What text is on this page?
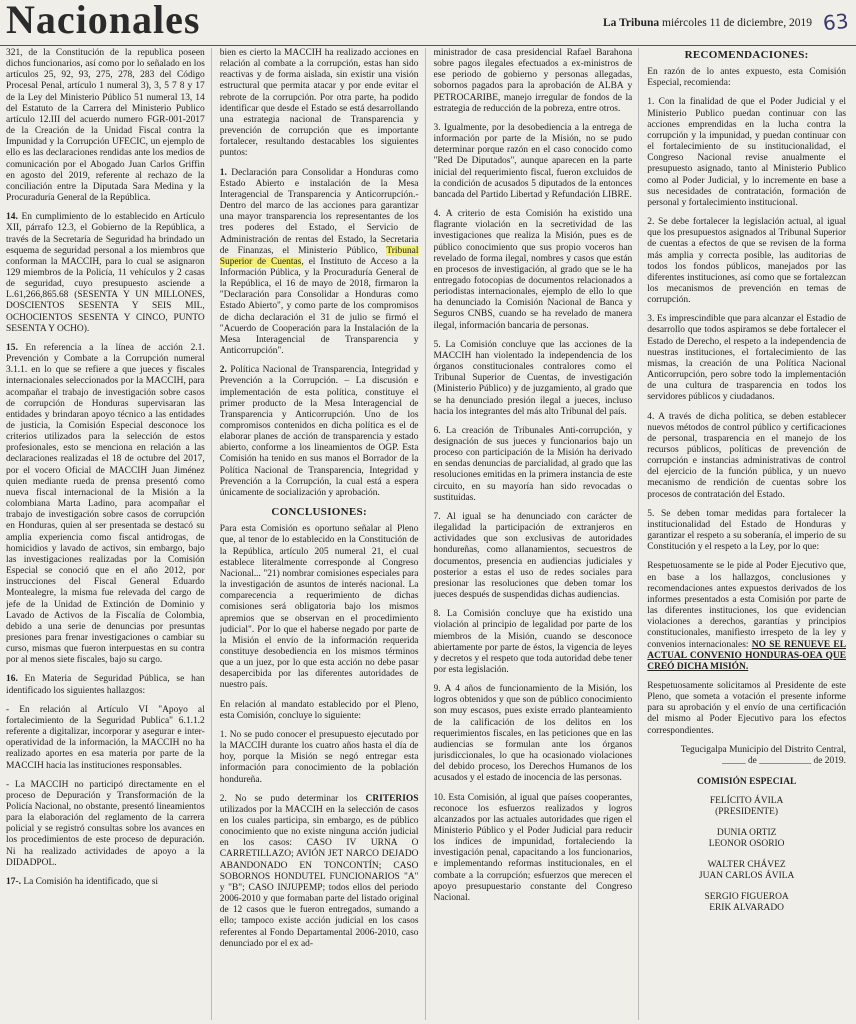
Nacionales	La Tribuna miércoles 11 de diciembre, 2019 63

321, de la Constitución de la republica poseen dichos funcionarios, así como por lo señalado en los artículos 25, 92, 93, 275, 278, 283 del Código Procesal Penal, artículo 1 numeral 3), 3, 5 7 8 y 17 de la Ley del Ministerio Público 51 numeral 13, 14 del Estatuto de la Carrera del Ministerio Publico artículo 12.III del acuerdo numero FGR-001-2017 de la Creación de la Unidad Fiscal contra la Impunidad y la Corrupción UFECIC, un ejemplo de ello es las declaraciones rendidas ante los medios de comunicación por el Abogado Juan Carlos Griffin en agosto del 2019, referente al rechazo de la conciliación entre la Diputada Sara Medina y la Procuraduría General de la República.

14. En cumplimiento de lo establecido en Artículo XII, párrafo 12.3, el Gobierno de la República, a través de la Secretaría de Seguridad ha brindado un esquema de seguridad personal a los miembros que conforman la MACCIH, para lo cual se asignaron 129 miembros de la Policía, 11 vehículos y 2 casas de seguridad, cuyo presupuesto asciende a L.61,266,865.68 (SESENTA Y UN MILLONES, DOSCIENTOS SESENTA Y SEIS MIL, OCHOCIENTOS SESENTA Y CINCO, PUNTO SESENTA Y OCHO).

15. En referencia a la línea de acción 2.1. Prevención y Combate a la Corrupción numeral 3.1.1. en lo que se refiere a que jueces y fiscales internacionales seleccionados por la MACCIH, para acompañar el trabajo de investigación sobre casos de corrupción de Honduras supervisaran las entidades y brindaran apoyo técnico a las entidades de justicia, la Comisión Especial desconoce los criterios utilizados para la selección de estos profesionales, esto se menciona en relación a las declaraciones realizadas el 18 de octubre del 2017, por el vocero Oficial de MACCIH Juan Jiménez quien mediante rueda de prensa presentó como nueva fiscal internacional de la Misión a la colombiana Marta Ladino, para acompañar el trabajo de investigación sobre casos de corrupción en Honduras, quien al ser presentada se destacó su amplia experiencia como fiscal antidrogas, de homicidios y lavado de activos, sin embargo, bajo las investigaciones realizadas por la Comisión Especial se conoció que en el año 2012, por instrucciones del Fiscal General Eduardo Montealegre, la misma fue relevada del cargo de jefe de la Unidad de Extinción de Dominio y Lavado de Activos de la Fiscalía de Colombia, debido a una serie de denuncias por presuntas presiones para frenar investigaciones o cambiar su curso, mismas que fueron interpuestas en su contra por al menos siete fiscales, bajo su cargo.

16. En Materia de Seguridad Pública, se han identificado los siguientes hallazgos:

- En relación al Artículo VI "Apoyo al fortalecimiento de la Seguridad Publica" 6.1.1.2 referente a digitalizar, incorporar y asegurar e inter-operatividad de la información, la MACCIH no ha realizado aportes en esa materia por parte de la MACCIH hacia las instituciones responsables.

- La MACCIH no participó directamente en el proceso de Depuración y Transformación de la Policía Nacional, no obstante, presentó lineamientos para la elaboración del reglamento de la carrera policial y se registró consultas sobre los avances en los procedimientos de este proceso de depuración. Ni ha realizado actividades de apoyo a la DIDADPOL.

17-. La Comisión ha identificado, que si

bien es cierto la MACCIH ha realizado acciones en relación al combate a la corrupción, estas han sido reactivas y de forma aislada, sin existir una visión estructural que permita atacar y por ende evitar el rebrote de la corrupción. Por otra parte, ha podido identificar que desde el Estado se está desarrollando una estrategia nacional de Transparencia y prevención de corrupción que es importante fortalecer, resultando destacables los siguientes puntos:

1. Declaración para Consolidar a Honduras como Estado Abierto e instalación de la Mesa Interagencial de Transparencia y Anticorrupción.- Dentro del marco de las acciones para garantizar una mayor transparencia los representantes de los tres poderes del Estado, el Servicio de Administración de rentas del Estado, la Secretaria de Finanzas, el Ministerio Público, Tribunal Superior de Cuentas, el Instituto de Acceso a la Información Pública, y la Procuraduría General de la República, el 16 de mayo de 2018, firmaron la "Declaración para Consolidar a Honduras como Estado Abierto", y como parte de los compromisos de dicha declaración el 31 de julio se firmó el "Acuerdo de Cooperación para la Instalación de la Mesa Interagencial de Transparencia y Anticorrupción".

2. Política Nacional de Transparencia, Integridad y Prevención a la Corrupción. – La discusión e implementación de esta política, constituye el primer producto de la Mesa Interagencial de Transparencia y Anticorrupción. Uno de los compromisos contenidos en dicha política es el de elaborar planes de acción de transparencia y estado abierto, conforme a los lineamientos de OGP. Esta Comisión ha tenido en sus manos el Borrador de la Política Nacional de Transparencia, Integridad y Prevención a la Corrupción, la cual está a espera únicamente de socialización y aprobación.

CONCLUSIONES:

Para esta Comisión es oportuno señalar al Pleno que, al tenor de lo establecido en la Constitución de la República, artículo 205 numeral 21, el cual establece literalmente corresponde al Congreso Nacional... "21) nombrar comisiones especiales para la investigación de asuntos de interés nacional. La comparecencia a requerimiento de dichas comisiones será obligatoria bajo los mismos apremios que se observan en el procedimiento judicial". Por lo que el haberse negado por parte de la Misión el envío de la información requerida constituye desobediencia en los mismos términos que a un juez, por lo que esta acción no debe pasar desapercibida por las diferentes autoridades de nuestro país.

En relación al mandato establecido por el Pleno, esta Comisión, concluye lo siguiente:

1. No se pudo conocer el presupuesto ejecutado por la MACCIH durante los cuatro años hasta el día de hoy, porque la Misión se negó entregar esta información para conocimiento de la población hondureña.

2. No se pudo determinar los CRITERIOS utilizados por la MACCIH en la selección de casos en los cuales participa, sin embargo, es de público conocimiento que no existe ninguna acción judicial en los casos: CASO IV URNA O CARRETILLAZO; AVIÓN JET NARCO DEJADO ABANDONADO EN TONCONTÍN; CASO SOBORNOS HONDUTEL FUNCIONARIOS "A" y "B"; CASO INJUPEMP; todos ellos del periodo 2006-2010 y que formaban parte del listado original de 12 casos que le fueron entregados, sumando a ello; tampoco existe acción judicial en los casos referentes al Fondo Departamental 2006-2010, caso denunciado por el ex ad-

ministrador de casa presidencial Rafael Barahona sobre pagos ilegales efectuados a ex-ministros de ese periodo de gobierno y personas allegadas, sobornos pagados para la aprobación de ALBA y PETROCARIBE, manejo irregular de fondos de la estrategia de reducción de la pobreza, entre otros.

3. Igualmente, por la desobediencia a la entrega de información por parte de la Misión, no se pudo determinar porque razón en el caso conocido como "Red De Diputados", aunque aparecen en la parte inicial del requerimiento fiscal, fueron excluidos de la condición de acusados 5 diputados de la entonces bancada del Partido Libertad y Refundación LIBRE.

4. A criterio de esta Comisión ha existido una flagrante violación en la secretividad de las investigaciones que realiza la Misión, pues es de público conocimiento que sus propio voceros han revelado de forma ilegal, nombres y casos que están en procesos de investigación, al grado que se le ha entregado fotocopias de documentos relacionados a periodistas internacionales, ejemplo de ello lo que ha denunciado la Comisión Nacional de Banca y Seguros CNBS, cuando se ha revelado de manera ilegal, información bancaria de personas.

5. La Comisión concluye que las acciones de la MACCIH han violentado la independencia de los órganos constitucionales contralores como el Tribunal Superior de Cuentas, de investigación (Ministerio Público) y de juzgamiento, al grado que se ha denunciado presión ilegal a jueces, incluso hacia los integrantes del más alto Tribunal del país.

6. La creación de Tribunales Anti-corrupción, y designación de sus jueces y funcionarios bajo un proceso con participación de la Misión ha derivado en sendas denuncias de parcialidad, al grado que las resoluciones emitidas en la primera instancia de este circuito, en su mayoría han sido revocadas o sustituidas.

7. Al igual se ha denunciado con carácter de ilegalidad la participación de extranjeros en actividades que son exclusivas de autoridades hondureñas, como allanamientos, secuestros de documentos, presencia en audiencias judiciales y posterior a estas el uso de redes sociales para presionar las resoluciones que deben tomar los jueces después de suspendidas dichas audiencias.

8. La Comisión concluye que ha existido una violación al principio de legalidad por parte de los miembros de la Misión, cuando se desconoce abiertamente por parte de éstos, la vigencia de leyes y decretos y el respeto que toda autoridad debe tener por esta legislación.

9. A 4 años de funcionamiento de la Misión, los logros obtenidos y que son de público conocimiento son muy escasos, pues existe errado planteamiento de la calificación de los delitos en los requerimientos fiscales, en las peticiones que en las audiencias se formulan ante los órganos jurisdiccionales, lo que ha ocasionado violaciones del debido proceso, los Derechos Humanos de los acusados y el estado de inocencia de las personas.

10. Esta Comisión, al igual que países cooperantes, reconoce los esfuerzos realizados y logros alcanzados por las actuales autoridades que rigen el Ministerio Público y el Poder Judicial para reducir los índices de impunidad, fortaleciendo la investigación penal, capacitando a los funcionarios, e implementando reformas institucionales, en el combate a la corrupción; esfuerzos que merecen el apoyo presupuestario constante del Congreso Nacional.

RECOMENDACIONES:

En razón de lo antes expuesto, esta Comisión Especial, recomienda:

1. Con la finalidad de que el Poder Judicial y el Ministerio Publico puedan continuar con las acciones emprendidas en la lucha contra la corrupción y la impunidad, y puedan continuar con el fortalecimiento de su institucionalidad, el Congreso Nacional revise anualmente el presupuesto asignado, tanto al Ministerio Publico como al Poder Judicial, y lo incremente en base a sus necesidades de contratación, formación de personal y fortalecimiento institucional.

2. Se debe fortalecer la legislación actual, al igual que los presupuestos asignados al Tribunal Superior de cuentas a efectos de que se revisen de la forma más amplia y correcta posible, las auditorias de todos los fondos públicos, manejados por las diferentes instituciones, así como que se fortalezcan los mecanismos de prevención en temas de corrupción.

3. Es imprescindible que para alcanzar el Estadio de desarrollo que todos aspiramos se debe fortalecer el Estado de Derecho, el respeto a la independencia de nuestras instituciones, el fortalecimiento de las mismas, la creación de una Política Nacional Anticorrupción, pero sobre todo la implementación de una cultura de trasparencia en todos los servidores públicos y ciudadanos.

4. A través de dicha política, se deben establecer nuevos métodos de control público y certificaciones de personal, trasparencia en el manejo de los recursos públicos, políticas de prevención de corrupción e instancias administrativas de control del ejercicio de la función pública, y un nuevo mecanismo de rendición de cuentas sobre los procesos de contratación del Estado.

5. Se deben tomar medidas para fortalecer la institucionalidad del Estado de Honduras y garantizar el respeto a su soberanía, el imperio de su Constitución y el respeto a la Ley, por lo que:

Respetuosamente se le pide al Poder Ejecutivo que, en base a los hallazgos, conclusiones y recomendaciones antes expuestos derivados de los informes presentados a esta Comisión por parte de las diferentes instituciones, los que evidencian violaciones a derechos, garantías y principios constitucionales, manifiesto irrespeto de la ley y convenios internacionales: NO SE RENUEVE EL ACTUAL CONVENIO HONDURAS-OEA QUE CREÓ DICHA MISIÓN.

Respetuosamente solicitamos al Presidente de este Pleno, que someta a votación el presente informe para su aprobación y el envío de una certificación del mismo al Poder Ejecutivo para los efectos correspondientes.

Tegucigalpa Municipio del Distrito Central,

_____ de ___________ de 2019.

COMISIÓN ESPECIAL
FELÍCITO ÁVILA
(PRESIDENTE)
DUNIA ORTIZ
LEONOR OSORIO
WALTER CHÁVEZ
JUAN CARLOS ÁVILA
SERGIO FIGUEROA
ERIK ALVARADO
